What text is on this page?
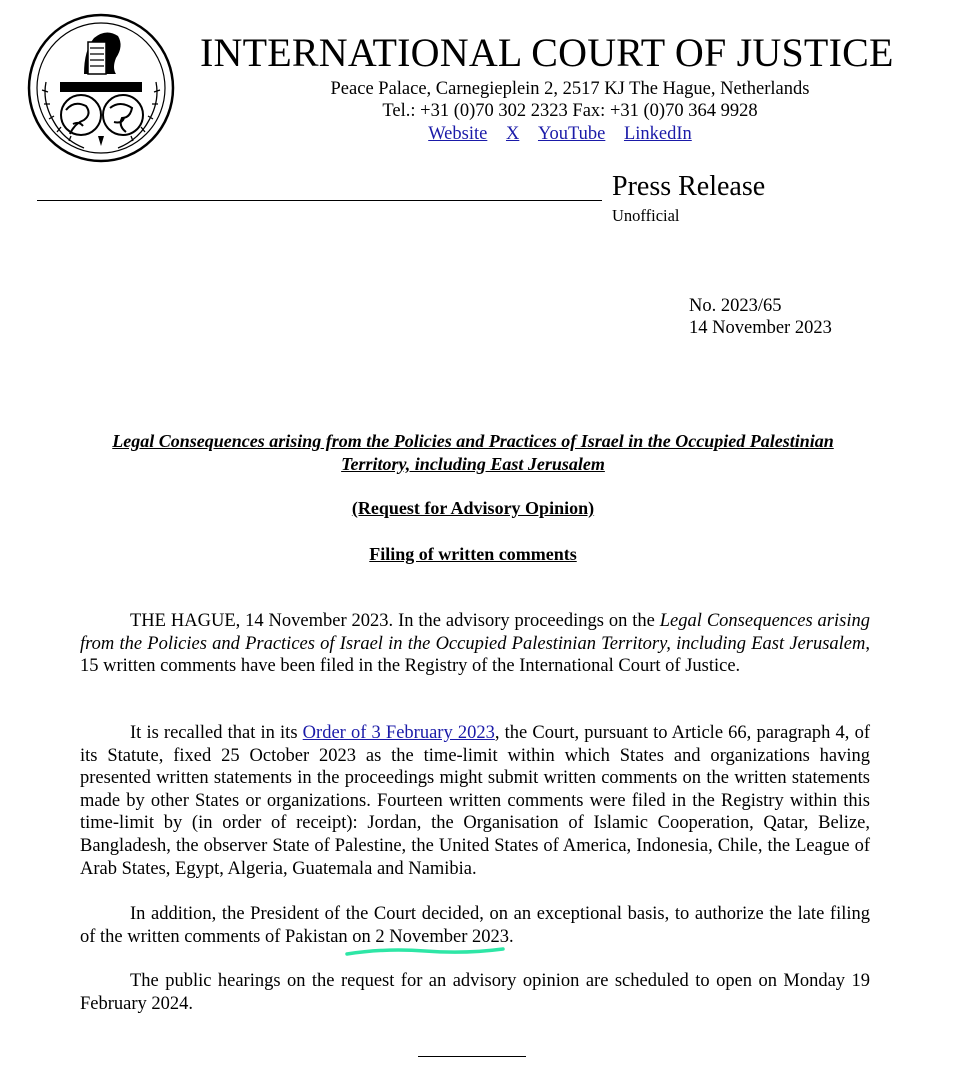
INTERNATIONAL COURT OF JUSTICE
Peace Palace, Carnegieplein 2, 2517 KJ The Hague, Netherlands
Tel.: +31 (0)70 302 2323 Fax: +31 (0)70 364 9928
Website X YouTube LinkedIn
Press Release
Unofficial
No. 2023/65
14 November 2023
Legal Consequences arising from the Policies and Practices of Israel in the Occupied Palestinian Territory, including East Jerusalem
(Request for Advisory Opinion)
Filing of written comments

THE HAGUE, 14 November 2023. In the advisory proceedings on the Legal Consequences arising from the Policies and Practices of Israel in the Occupied Palestinian Territory, including East Jerusalem, 15 written comments have been filed in the Registry of the International Court of Justice.

It is recalled that in its Order of 3 February 2023, the Court, pursuant to Article 66, paragraph 4, of its Statute, fixed 25 October 2023 as the time-limit within which States and organizations having presented written statements in the proceedings might submit written comments on the written statements made by other States or organizations. Fourteen written comments were filed in the Registry within this time-limit by (in order of receipt): Jordan, the Organisation of Islamic Cooperation, Qatar, Belize, Bangladesh, the observer State of Palestine, the United States of America, Indonesia, Chile, the League of Arab States, Egypt, Algeria, Guatemala and Namibia.

In addition, the President of the Court decided, on an exceptional basis, to authorize the late filing of the written comments of Pakistan on 2 November 2023.

The public hearings on the request for an advisory opinion are scheduled to open on Monday 19 February 2024.
